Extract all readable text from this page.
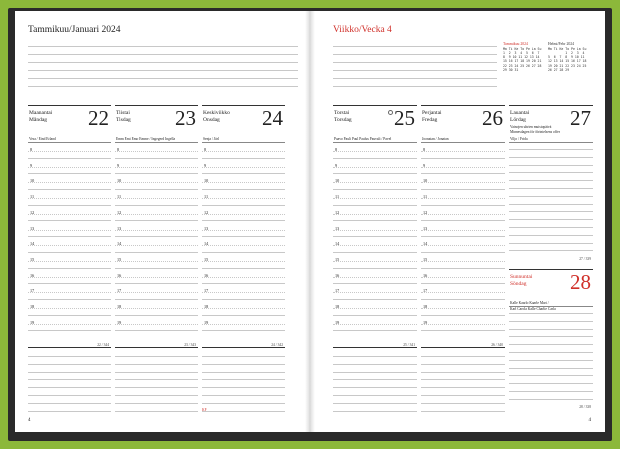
Tammikuu/Januari 2024
Maanantai
Måndag 22
Vesa / Eind Erland
8
9
10
11
12
13
14
15
16
17
18
19
22 / 344
Tiistai
Tisdag 23
Emm Emi Emo Emme / Ingegerd Ingella
8
9
10
11
12
13
14
15
16
17
18
19
23 / 343
Keskiviikko
Onsdag	24
Senja / Järl
8
9
10
11
12
13
14
15
16
17
18
19
24 / 342
KF
4
Viikko/Vecka 4
Tammikuu 2024
Ma Ti Ke To Pe La Su
1  2  3  4  5  6  7
8  9 10 11 12 13 14
15 16 17 18 19 20 21
22 23 24 25 26 27 28
29 30 31
Helmi/Febr 2024
Ma Ti Ke To Pe La Su
1  2  3  4
5  6  7  8  9 10 11
12 13 14 15 16 17 18
19 20 21 22 23 24 25
26 27 28 29
Torstai
Torsdag 25
Paavo Pauli Paul Paulus Pauvali / Pavel
8
9
10
11
12
13
14
15
16
17
18
19
25 / 341
Perjantai
Fredag 26
Joonatan / Jonatan
8
9
10
11
12
13
14
15
16
17
18
19
26 / 340
Lauantai
Lördag 27
Viljo / Frida
27 / 339
Vainojen uhrien muistopäivä
Minnesdagen för förintelsens offer
Sunnuntai
Söndag 28
Kalle Kaarlo Kaarle Mari /
Karl Carola Kalle Charlie Carla
28 / 338
4
